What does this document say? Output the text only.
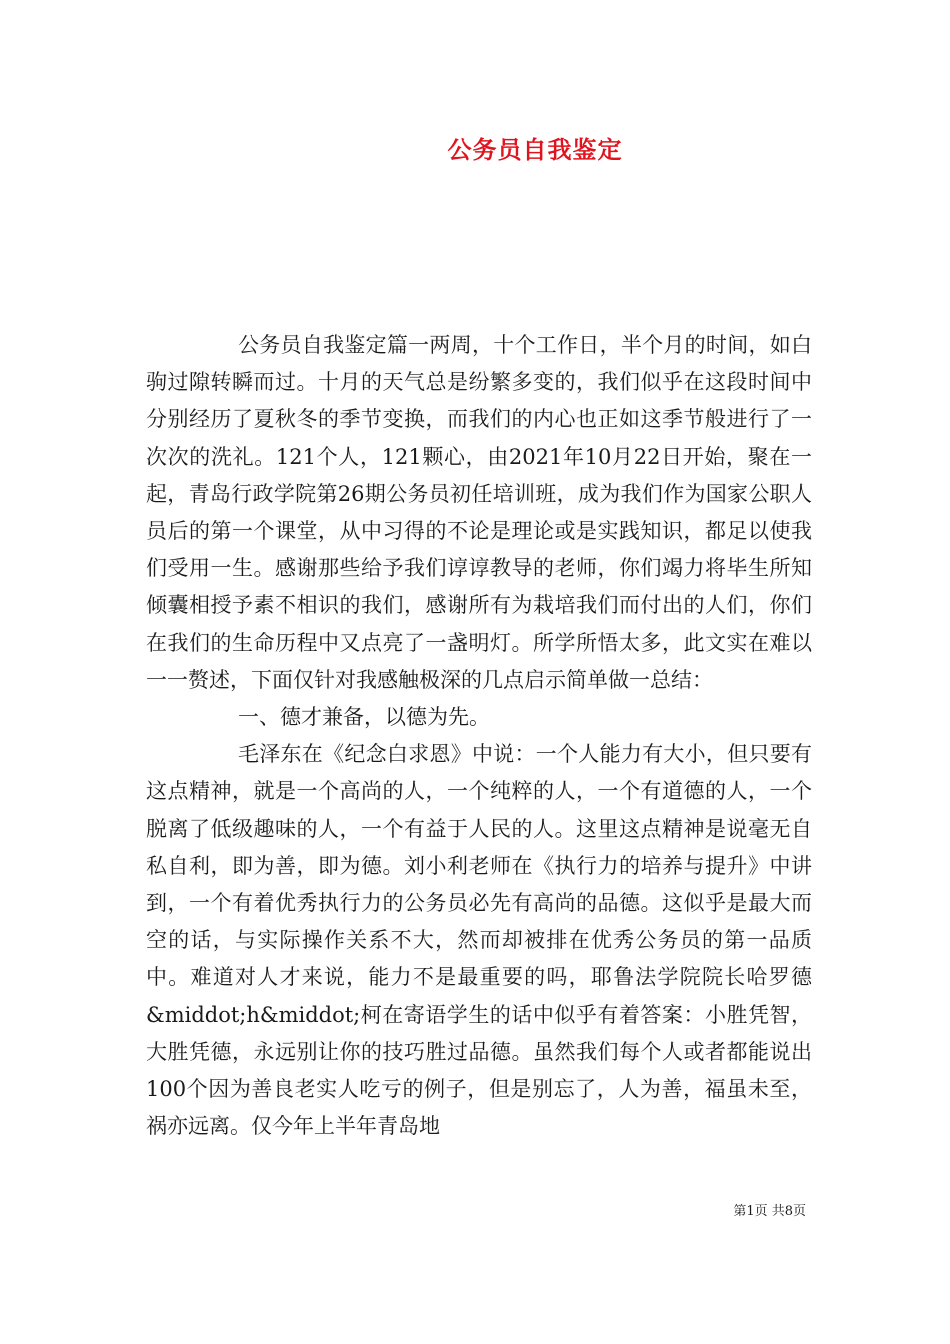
公务员自我鉴定

公务员自我鉴定篇一两周，十个工作日，半个月的时间，如白驹过隙转瞬而过。十月的天气总是纷繁多变的，我们似乎在这段时间中分别经历了夏秋冬的季节变换，而我们的内心也正如这季节般进行了一次次的洗礼。121个人，121颗心，由2021年10月22日开始，聚在一起，青岛行政学院第26期公务员初任培训班，成为我们作为国家公职人员后的第一个课堂，从中习得的不论是理论或是实践知识，都足以使我们受用一生。感谢那些给予我们谆谆教导的老师，你们竭力将毕生所知倾囊相授予素不相识的我们，感谢所有为栽培我们而付出的人们，你们在我们的生命历程中又点亮了一盏明灯。所学所悟太多，此文实在难以一一赘述，下面仅针对我感触极深的几点启示简单做一总结：

一、德才兼备，以德为先。

毛泽东在《纪念白求恩》中说：一个人能力有大小，但只要有这点精神，就是一个高尚的人，一个纯粹的人，一个有道德的人，一个脱离了低级趣味的人，一个有益于人民的人。这里这点精神是说毫无自私自利，即为善，即为德。刘小利老师在《执行力的培养与提升》中讲到，一个有着优秀执行力的公务员必先有高尚的品德。这似乎是最大而空的话，与实际操作关系不大，然而却被排在优秀公务员的第一品质中。难道对人才来说，能力不是最重要的吗，耶鲁法学院院长哈罗德&middot;h&middot;柯在寄语学生的话中似乎有着答案：小胜凭智，大胜凭德，永远别让你的技巧胜过品德。虽然我们每个人或者都能说出100个因为善良老实人吃亏的例子，但是别忘了，人为善，福虽未至，祸亦远离。仅今年上半年青岛地

第1页 共8页
